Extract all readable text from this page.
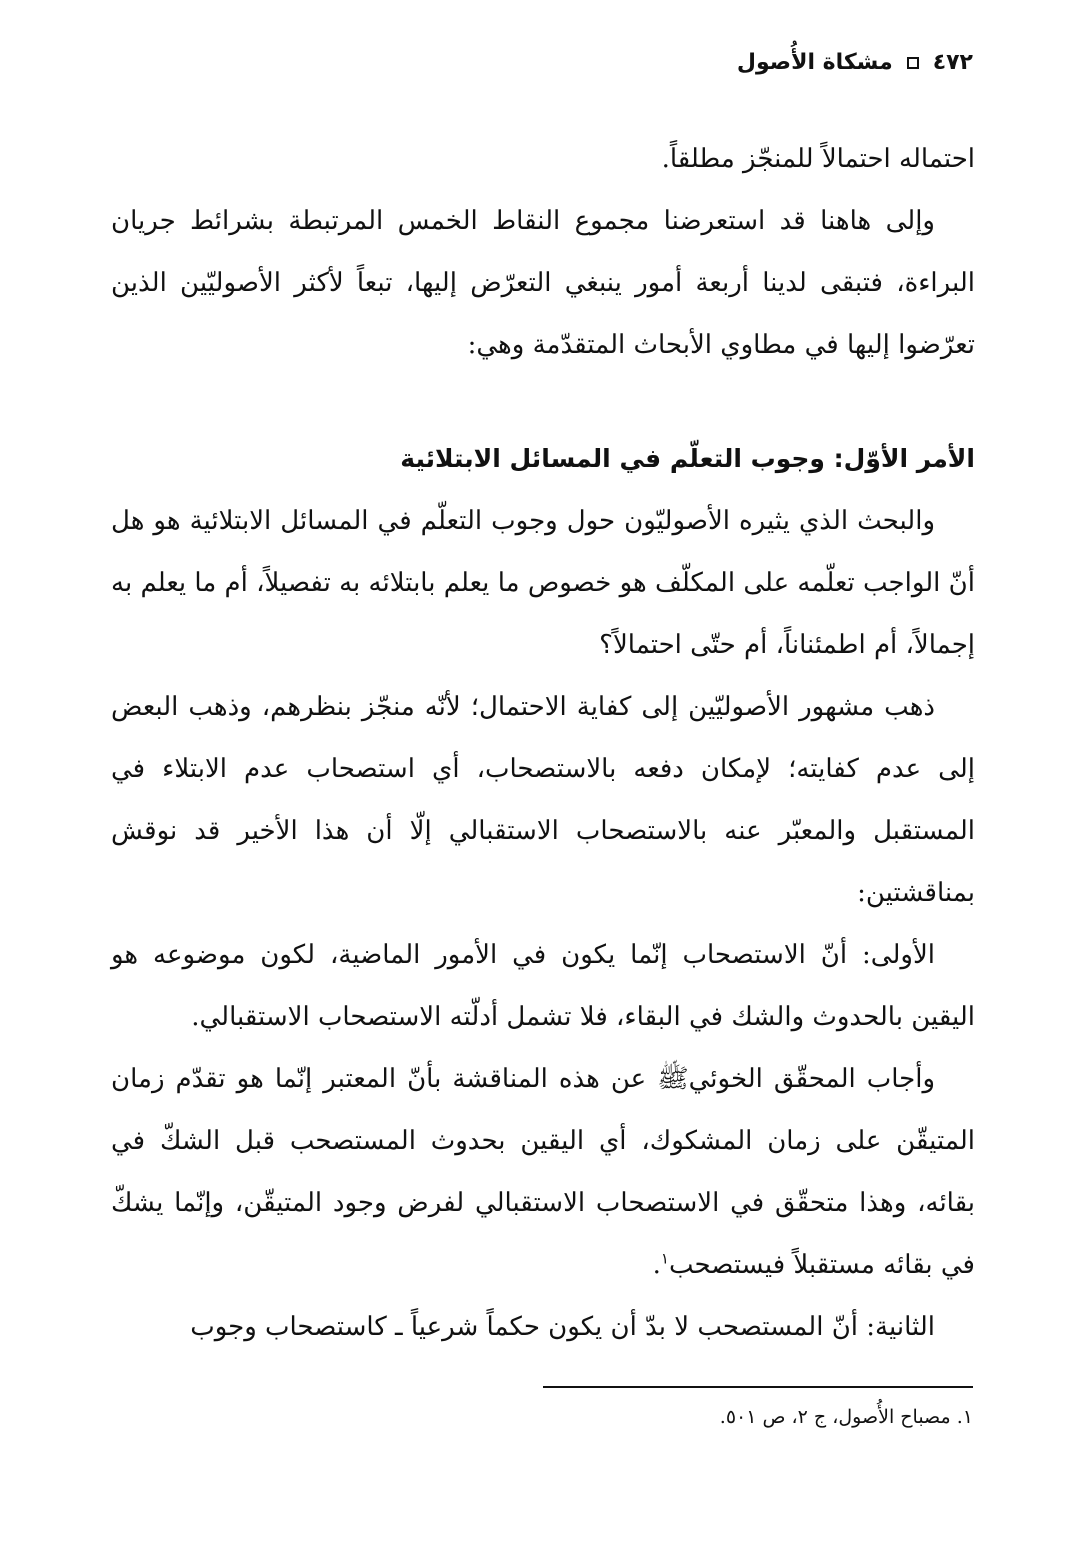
٤٧٢
مشكاة الأُصول

احتماله احتمالاً للمنجّز مطلقاً.

وإلى هاهنا قد استعرضنا مجموع النقاط الخمس المرتبطة بشرائط جريان البراءة، فتبقى لدينا أربعة أمور ينبغي التعرّض إليها، تبعاً لأكثر الأصوليّين الذين تعرّضوا إليها في مطاوي الأبحاث المتقدّمة وهي:

الأمر الأوّل: وجوب التعلّم في المسائل الابتلائية

والبحث الذي يثيره الأصوليّون حول وجوب التعلّم في المسائل الابتلائية هو هل أنّ الواجب تعلّمه على المكلّف هو خصوص ما يعلم بابتلائه به تفصيلاً، أم ما يعلم به إجمالاً، أم اطمئناناً، أم حتّى احتمالاً؟

ذهب مشهور الأصوليّين إلى كفاية الاحتمال؛ لأنّه منجّز بنظرهم، وذهب البعض إلى عدم كفايته؛ لإمكان دفعه بالاستصحاب، أي استصحاب عدم الابتلاء في المستقبل والمعبّر عنه بالاستصحاب الاستقبالي إلّا أن هذا الأخير قد نوقش بمناقشتين:

الأولى: أنّ الاستصحاب إنّما يكون في الأمور الماضية، لكون موضوعه هو اليقين بالحدوث والشك في البقاء، فلا تشمل أدلّته الاستصحاب الاستقبالي.

وأجاب المحقّق الخوئي‎ﷺ عن هذه المناقشة بأنّ المعتبر إنّما هو تقدّم زمان المتيقّن على زمان المشكوك، أي اليقين بحدوث المستصحب قبل الشكّ في بقائه، وهذا متحقّق في الاستصحاب الاستقبالي لفرض وجود المتيقّن، وإنّما يشكّ في بقائه مستقبلاً فيستصحب$^١$.

الثانية: أنّ المستصحب لا بدّ أن يكون حكماً شرعياً ـ كاستصحاب وجوب

١. مصباح الأُصول، ج ٢، ص ٥٠١.
